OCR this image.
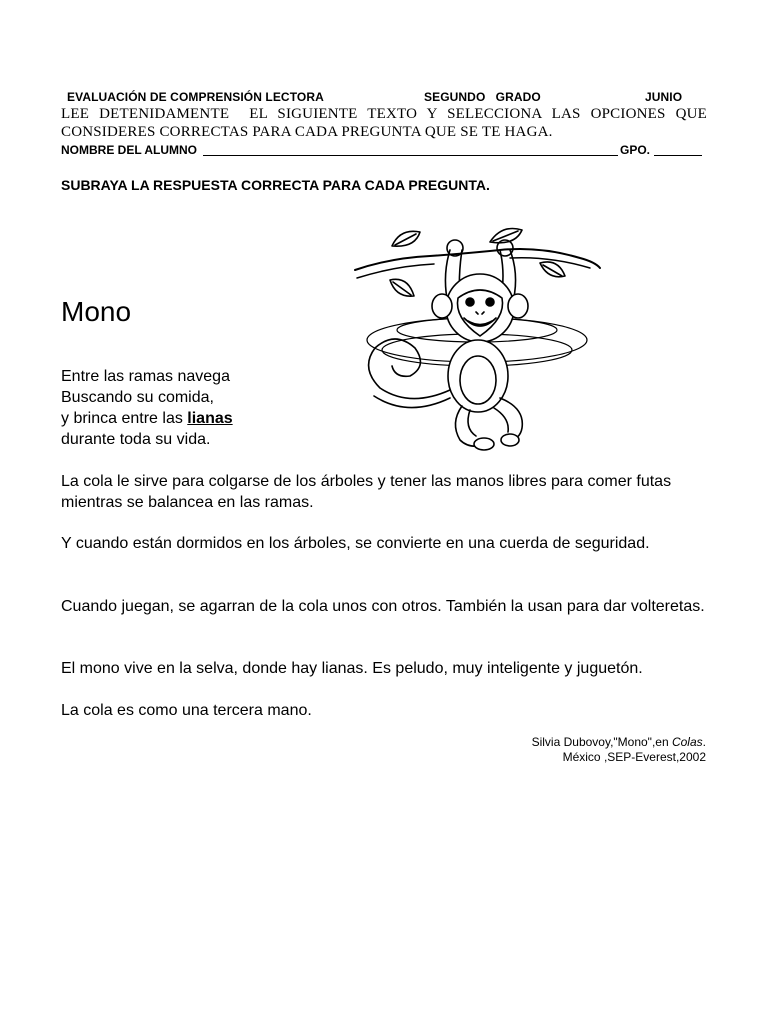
EVALUACIÓN DE COMPRENSIÓN LECTORA	SEGUNDO   GRADO	JUNIO
LEE DETENIDAMENTE  EL SIGUIENTE TEXTO Y SELECCIONA LAS OPCIONES QUE
CONSIDERES CORRECTAS PARA CADA PREGUNTA QUE SE TE HAGA.
NOMBRE DEL ALUMNO	GPO.
SUBRAYA LA RESPUESTA CORRECTA PARA CADA PREGUNTA.
Mono
Entre las ramas navega
Buscando su comida,
y brinca entre las lianas
durante toda su vida.
La cola le sirve para colgarse de los árboles y tener las manos libres para comer futas mientras se balancea en las ramas.
Y cuando están dormidos en los árboles, se convierte en una cuerda de seguridad.
Cuando juegan, se agarran de la cola unos con otros. También la usan para dar volteretas.
El mono vive en la selva, donde hay lianas. Es peludo, muy inteligente y juguetón.
La cola es como una tercera mano.
Silvia Dubovoy,"Mono",en Colas.
México ,SEP-Everest,2002
